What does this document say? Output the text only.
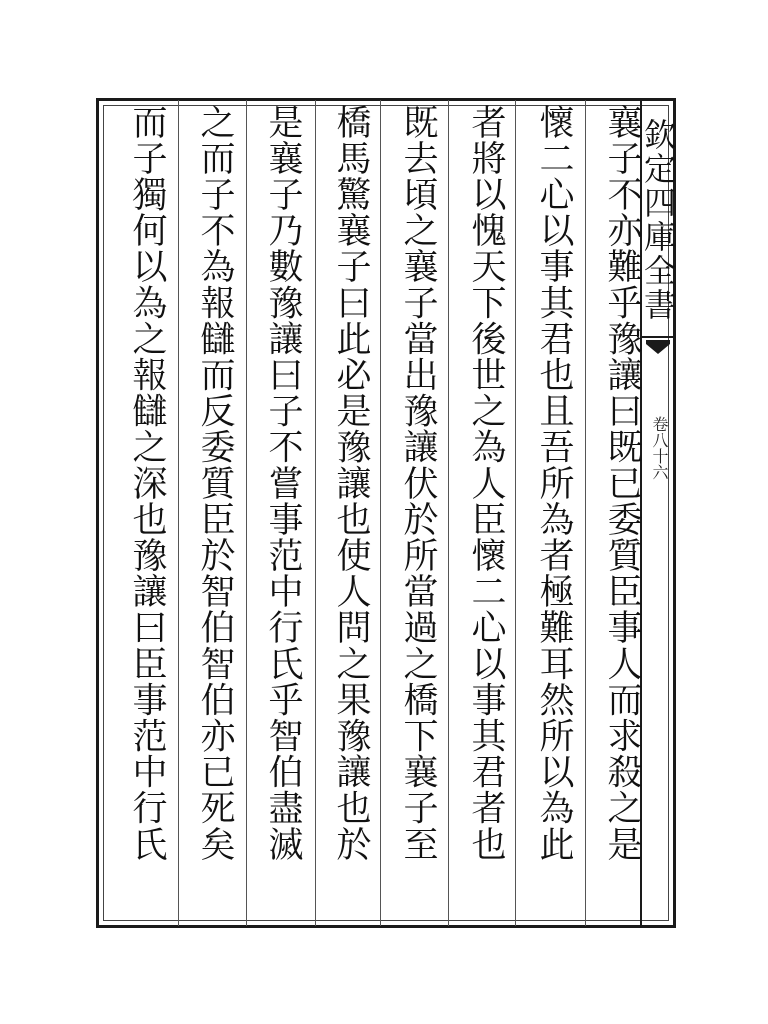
欽定四庫全書
卷八十六
襄子不亦難乎豫讓曰既已委質臣事人而求殺之是
懷二心以事其君也且吾所為者極難耳然所以為此
者將以愧天下後世之為人臣懷二心以事其君者也
既去頃之襄子當出豫讓伏於所當過之橋下襄子至
橋馬驚襄子曰此必是豫讓也使人問之果豫讓也於
是襄子乃數豫讓曰子不嘗事范中行氏乎智伯盡滅
之而子不為報讎而反委質臣於智伯智伯亦已死矣
而子獨何以為之報讎之深也豫讓曰臣事范中行氏
